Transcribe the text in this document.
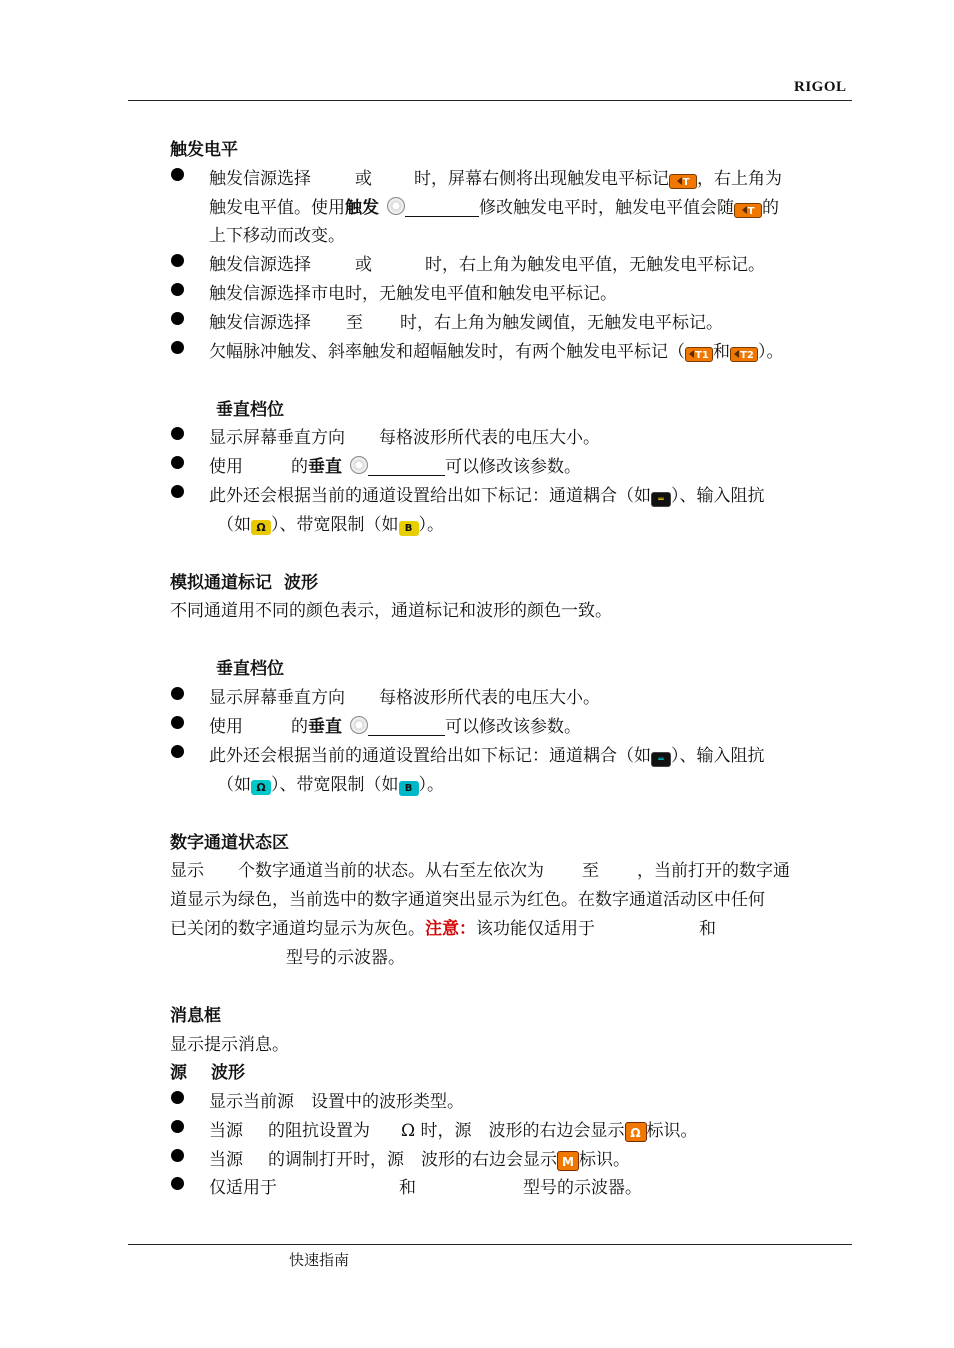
RIGOL
触发电平
触发信源选择	或 时，屏幕右侧将出现触发电平标记 T ，右上角为
触发电平值。使用触发	修改触发电平时，触发电平值会随 T 的
上下移动而改变。
触发信源选择	或	时，右上角为触发电平值，无触发电平标记。
触发信源选择市电时，无触发电平值和触发电平标记。
触发信源选择 至 时，右上角为触发阈值，无触发电平标记。
欠幅脉冲触发、斜率触发和超幅触发时，有两个触发电平标记（ T1 和 T2 ）。
垂直档位
显示屏幕垂直方向　　每格波形所代表的电压大小。
使用	的垂直	可以修改该参数。
此外还会根据当前的通道设置给出如下标记：通道耦合（如 ═ ）、输入阻抗
（如 Ω ）、带宽限制（如 B ）。
模拟通道标记 波形
不同通道用不同的颜色表示，通道标记和波形的颜色一致。
垂直档位
显示屏幕垂直方向　　每格波形所代表的电压大小。
使用	的垂直	可以修改该参数。
此外还会根据当前的通道设置给出如下标记：通道耦合（如 ═ ）、输入阻抗
（如 Ω ）、带宽限制（如 B ）。
数字通道状态区
显示 个数字通道当前的状态。从右至左依次为 至 ，当前打开的数字通
道显示为绿色，当前选中的数字通道突出显示为红色。在数字通道活动区中任何
已关闭的数字通道均显示为灰色。注意：该功能仅适用于	和
型号的示波器。
消息框
显示提示消息。
源 波形
显示当前源 设置中的波形类型。
当源 的阻抗设置为 Ω 时，源 波形的右边会显示 Ω 标识。
当源 的调制打开时，源 波形的右边会显示 M 标识。
仅适用于	和	型号的示波器。
快速指南
